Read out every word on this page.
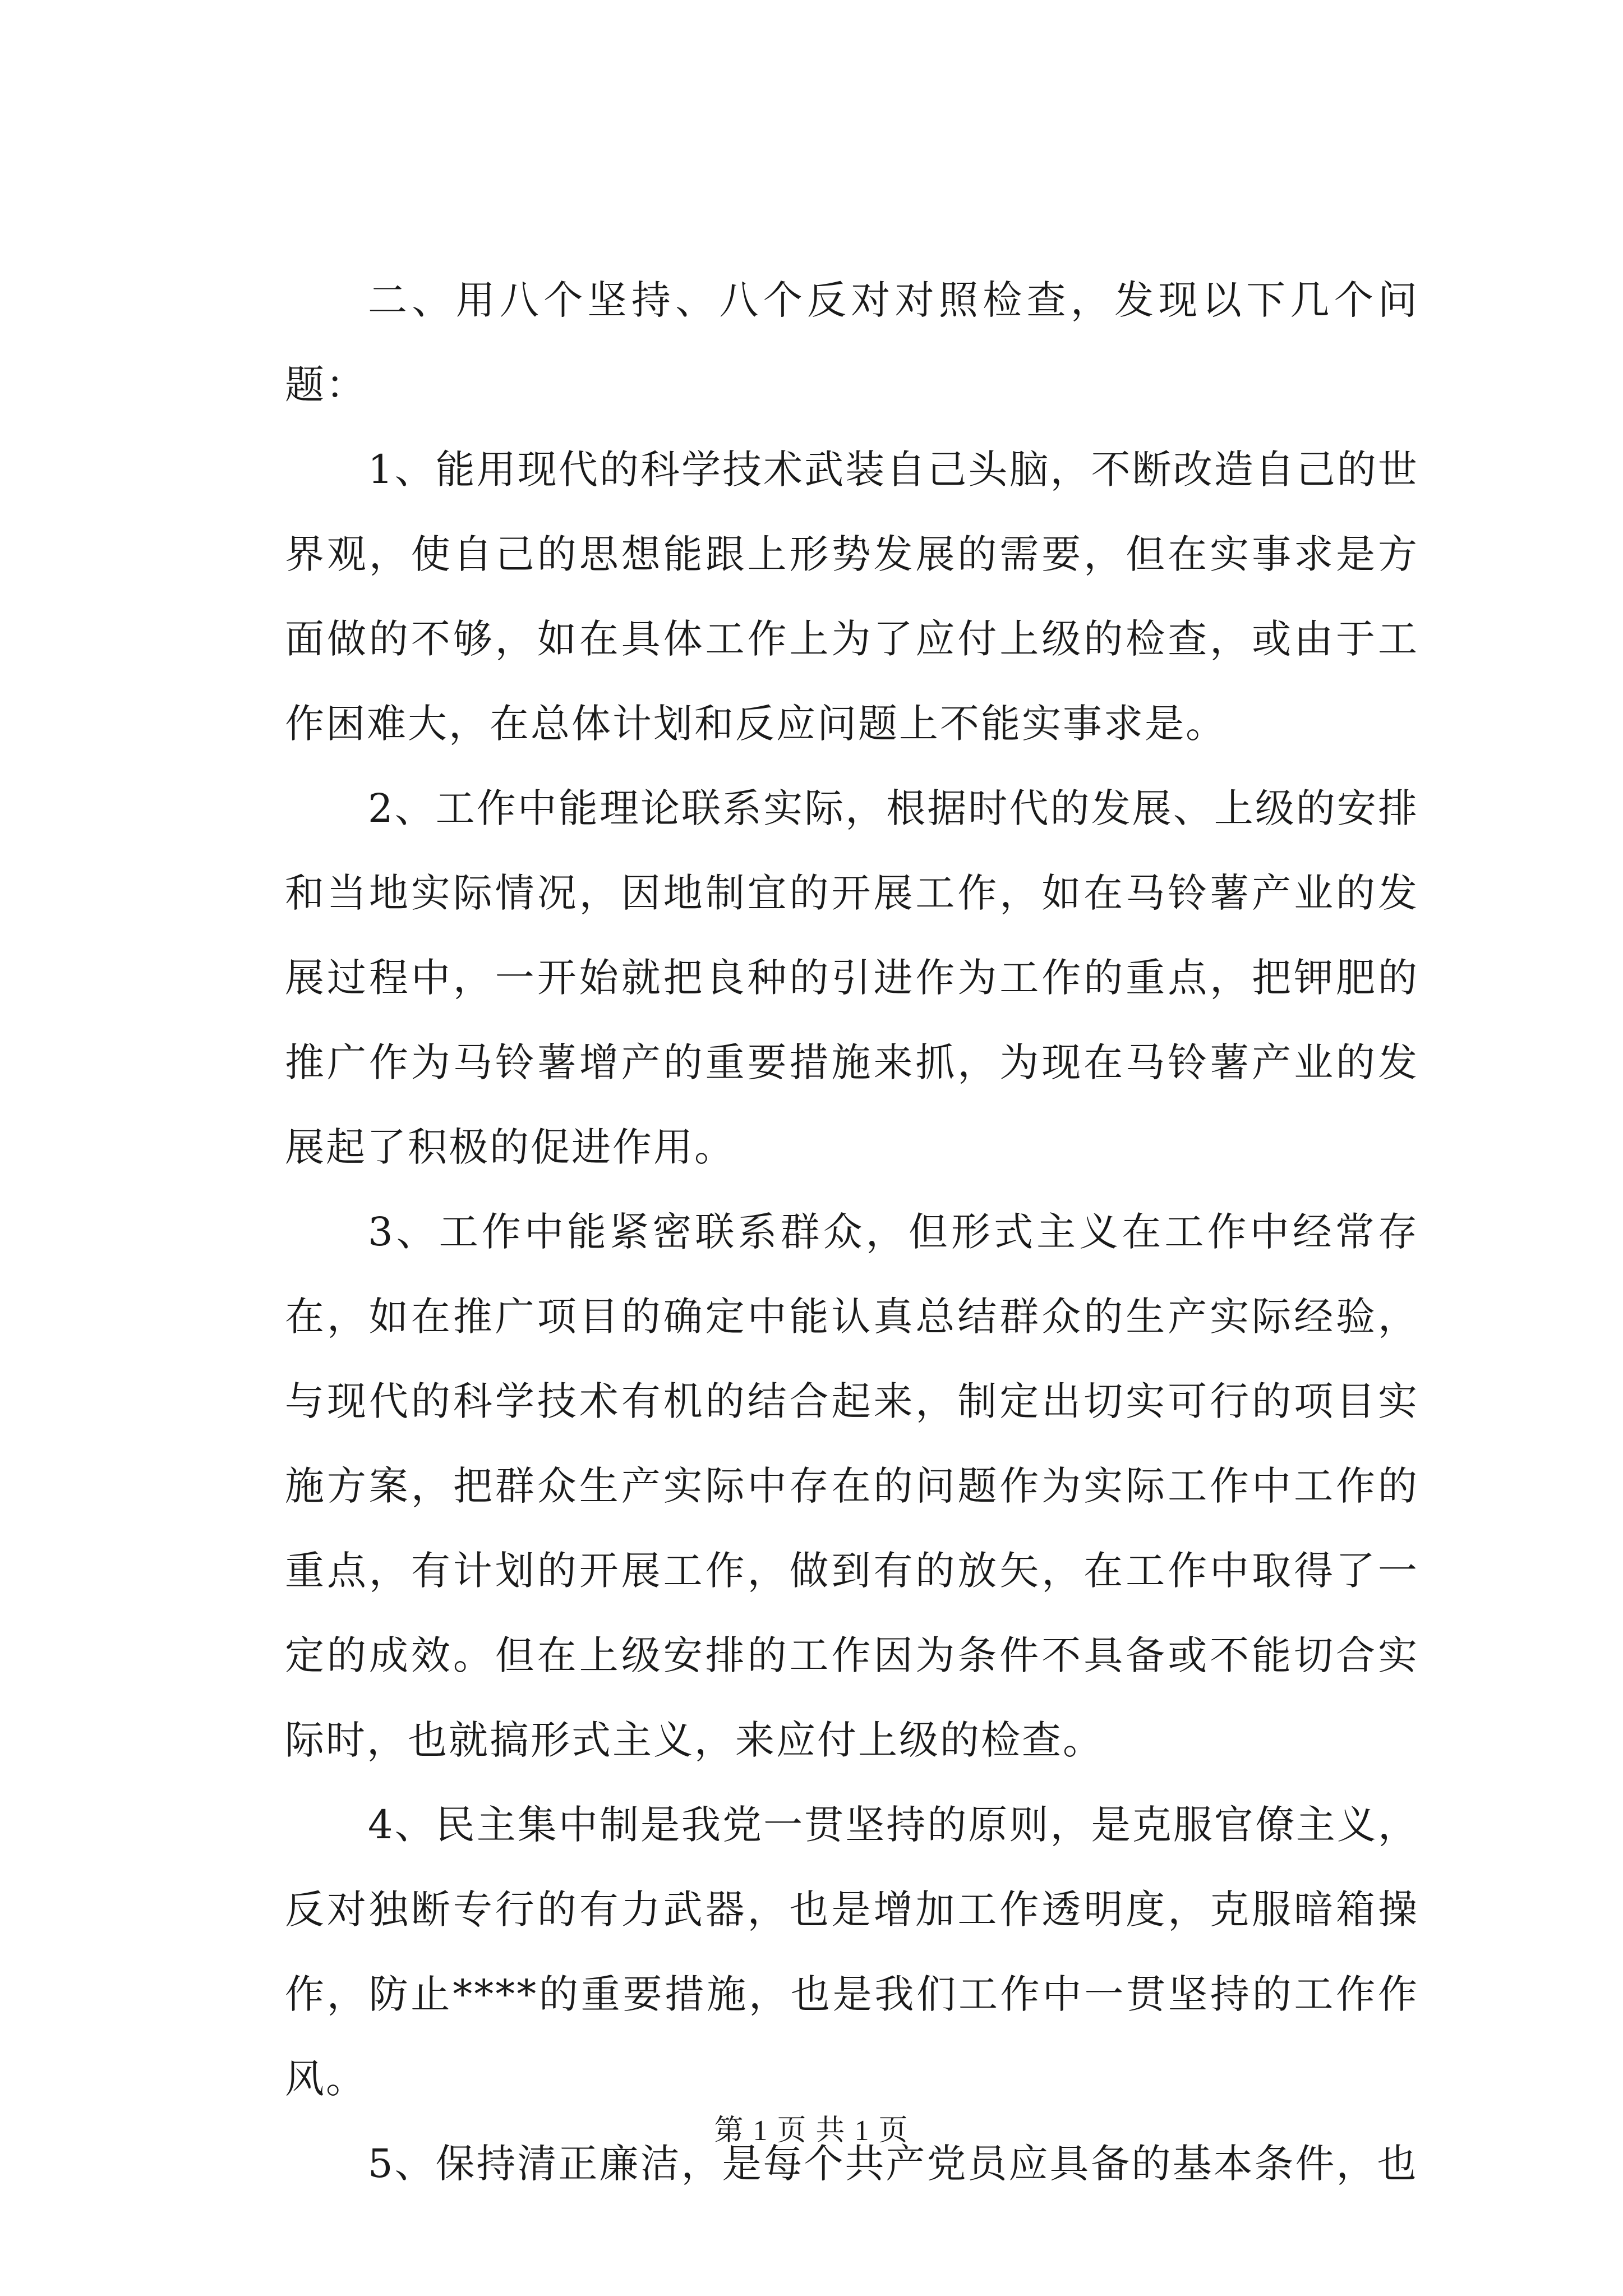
二、用八个坚持、八个反对对照检查，发现以下几个问题：

1、能用现代的科学技术武装自己头脑，不断改造自己的世界观，使自己的思想能跟上形势发展的需要，但在实事求是方面做的不够，如在具体工作上为了应付上级的检查，或由于工作困难大，在总体计划和反应问题上不能实事求是。

2、工作中能理论联系实际，根据时代的发展、上级的安排和当地实际情况，因地制宜的开展工作，如在马铃薯产业的发展过程中，一开始就把良种的引进作为工作的重点，把钾肥的推广作为马铃薯增产的重要措施来抓，为现在马铃薯产业的发展起了积极的促进作用。

3、工作中能紧密联系群众，但形式主义在工作中经常存在，如在推广项目的确定中能认真总结群众的生产实际经验，与现代的科学技术有机的结合起来，制定出切实可行的项目实施方案，把群众生产实际中存在的问题作为实际工作中工作的重点，有计划的开展工作，做到有的放矢，在工作中取得了一定的成效。但在上级安排的工作因为条件不具备或不能切合实际时，也就搞形式主义，来应付上级的检查。

4、民主集中制是我党一贯坚持的原则，是克服官僚主义，反对独断专行的有力武器，也是增加工作透明度，克服暗箱操作，防止****的重要措施，也是我们工作中一贯坚持的工作作风。

5、保持清正廉洁，是每个共产党员应具备的基本条件，也

第 1 页 共 1 页
